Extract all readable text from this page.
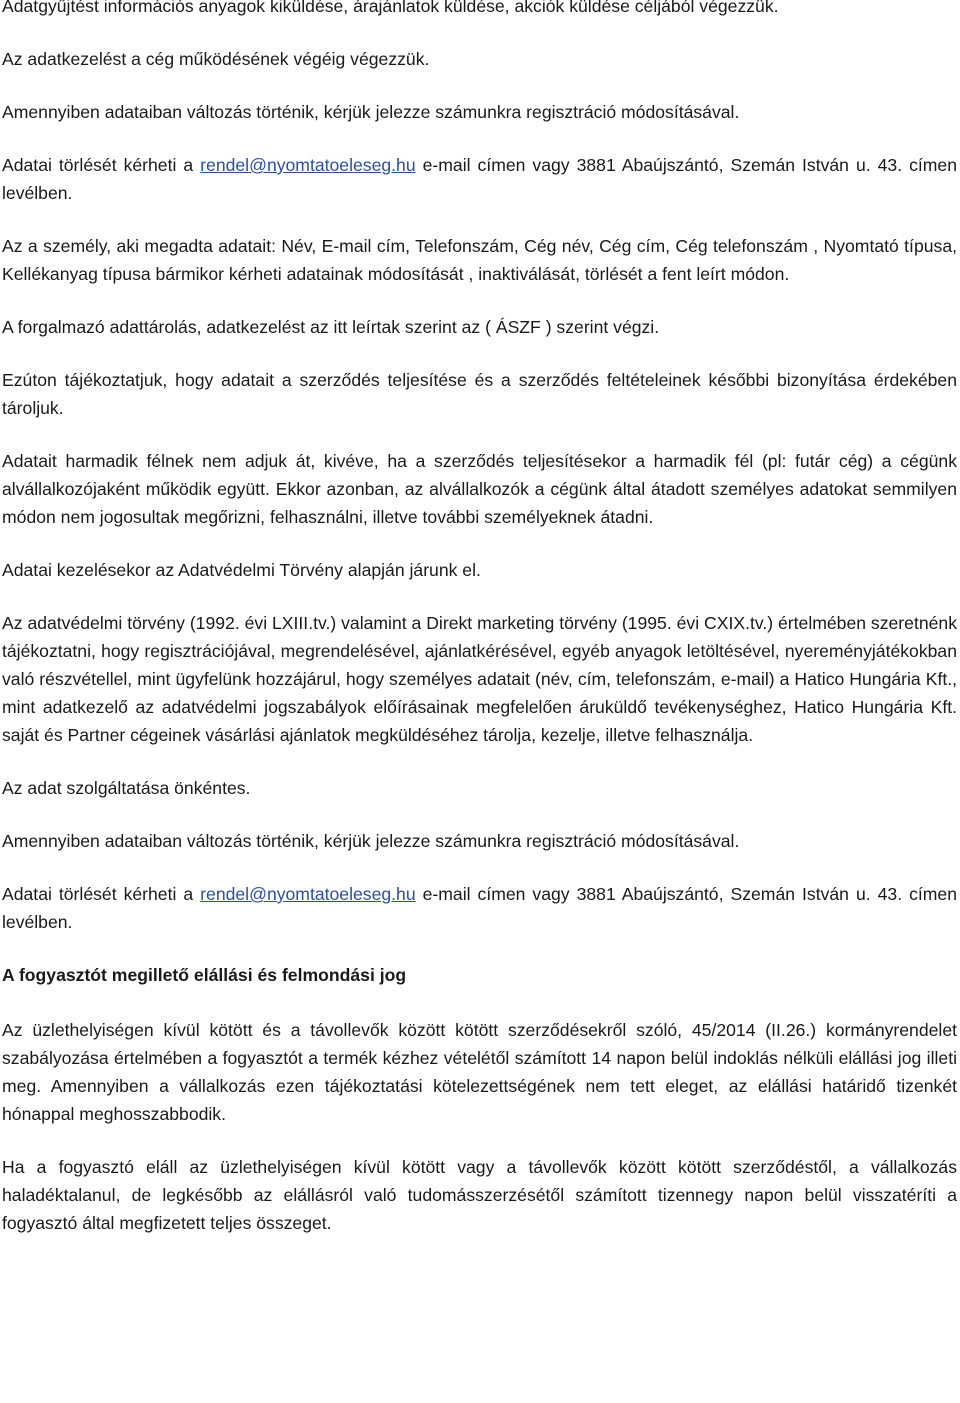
Adatgyűjtést információs anyagok kiküldése, árajánlatok küldése, akciók küldése céljából végezzük.

Az adatkezelést a cég működésének végéig végezzük.

Amennyiben adataiban változás történik, kérjük jelezze számunkra regisztráció módosításával.

Adatai törlését kérheti a rendel@nyomtatoeleseg.hu e-mail címen vagy 3881 Abaújszántó, Szemán István u. 43. címen levélben.

Az a személy, aki megadta adatait: Név, E-mail cím, Telefonszám, Cég név, Cég cím, Cég telefonszám , Nyomtató típusa, Kellékanyag típusa bármikor kérheti adatainak módosítását , inaktiválását, törlését a fent leírt módon.

A forgalmazó adattárolás, adatkezelést az itt leírtak szerint az ( ÁSZF ) szerint végzi.

Ezúton tájékoztatjuk, hogy adatait a szerződés teljesítése és a szerződés feltételeinek későbbi bizonyítása érdekében tároljuk.

Adatait harmadik félnek nem adjuk át, kivéve, ha a szerződés teljesítésekor a harmadik fél (pl: futár cég) a cégünk alvállalkozójaként működik együtt. Ekkor azonban, az alvállalkozók a cégünk által átadott személyes adatokat semmilyen módon nem jogosultak megőrizni, felhasználni, illetve további személyeknek átadni.

Adatai kezelésekor az Adatvédelmi Törvény alapján járunk el.

Az adatvédelmi törvény (1992. évi LXIII.tv.) valamint a Direkt marketing törvény (1995. évi CXIX.tv.) értelmében szeretnénk tájékoztatni, hogy regisztrációjával, megrendelésével, ajánlatkérésével, egyéb anyagok letöltésével, nyereményjátékokban való részvétellel, mint ügyfelünk hozzájárul, hogy személyes adatait (név, cím, telefonszám, e-mail) a Hatico Hungária Kft., mint adatkezelő az adatvédelmi jogszabályok előírásainak megfelelően áruküldő tevékenységhez, Hatico Hungária Kft. saját és Partner cégeinek vásárlási ajánlatok megküldéséhez tárolja, kezelje, illetve felhasználja.

Az adat szolgáltatása önkéntes.

Amennyiben adataiban változás történik, kérjük jelezze számunkra regisztráció módosításával.

Adatai törlését kérheti a rendel@nyomtatoeleseg.hu e-mail címen vagy 3881 Abaújszántó, Szemán István u. 43. címen levélben.

A fogyasztót megillető elállási és felmondási jog

Az üzlethelyiségen kívül kötött és a távollevők között kötött szerződésekről szóló, 45/2014 (II.26.) kormányrendelet szabályozása értelmében a fogyasztót a termék kézhez vételétől számított 14 napon belül indoklás nélküli elállási jog illeti meg. Amennyiben a vállalkozás ezen tájékoztatási kötelezettségének nem tett eleget, az elállási határidő tizenkét hónappal meghosszabbodik.

Ha a fogyasztó eláll az üzlethelyiségen kívül kötött vagy a távollevők között kötött szerződéstől, a vállalkozás haladéktalanul, de legkésőbb az elállásról való tudomásszerzésétől számított tizennegy napon belül visszatéríti a fogyasztó által megfizetett teljes összeget.
